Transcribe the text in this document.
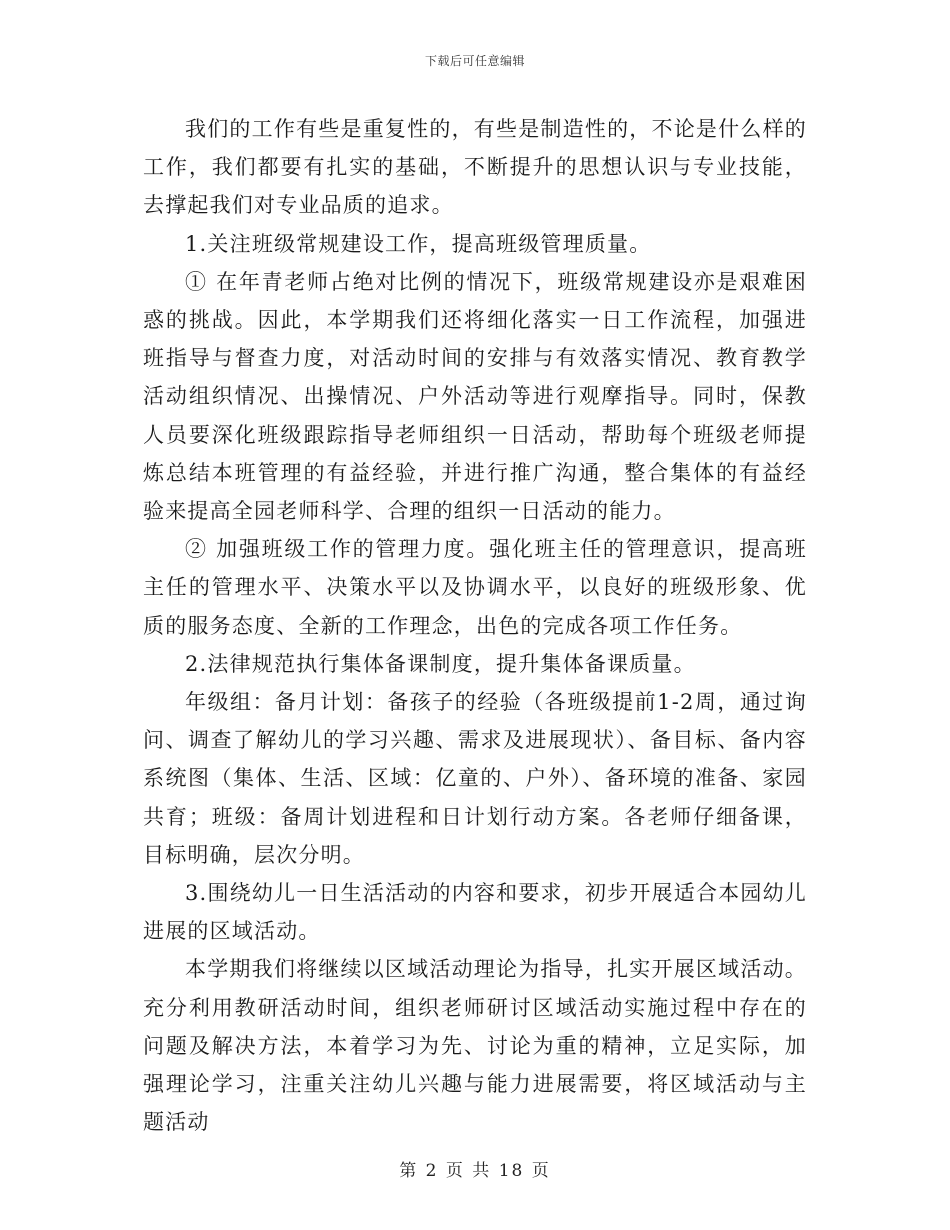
下载后可任意编辑

我们的工作有些是重复性的，有些是制造性的，不论是什么样的工作，我们都要有扎实的基础，不断提升的思想认识与专业技能，去撑起我们对专业品质的追求。

1.关注班级常规建设工作，提高班级管理质量。

① 在年青老师占绝对比例的情况下，班级常规建设亦是艰难困惑的挑战。因此，本学期我们还将细化落实一日工作流程，加强进班指导与督查力度，对活动时间的安排与有效落实情况、教育教学活动组织情况、出操情况、户外活动等进行观摩指导。同时，保教人员要深化班级跟踪指导老师组织一日活动，帮助每个班级老师提炼总结本班管理的有益经验，并进行推广沟通，整合集体的有益经验来提高全园老师科学、合理的组织一日活动的能力。

② 加强班级工作的管理力度。强化班主任的管理意识，提高班主任的管理水平、决策水平以及协调水平，以良好的班级形象、优质的服务态度、全新的工作理念，出色的完成各项工作任务。

2.法律规范执行集体备课制度，提升集体备课质量。

年级组：备月计划：备孩子的经验（各班级提前1-2周，通过询问、调查了解幼儿的学习兴趣、需求及进展现状）、备目标、备内容系统图（集体、生活、区域：亿童的、户外）、备环境的准备、家园共育；班级：备周计划进程和日计划行动方案。各老师仔细备课，目标明确，层次分明。

3.围绕幼儿一日生活活动的内容和要求，初步开展适合本园幼儿进展的区域活动。

本学期我们将继续以区域活动理论为指导，扎实开展区域活动。充分利用教研活动时间，组织老师研讨区域活动实施过程中存在的问题及解决方法，本着学习为先、讨论为重的精神，立足实际，加强理论学习，注重关注幼儿兴趣与能力进展需要，将区域活动与主题活动

第 2 页 共 18 页
